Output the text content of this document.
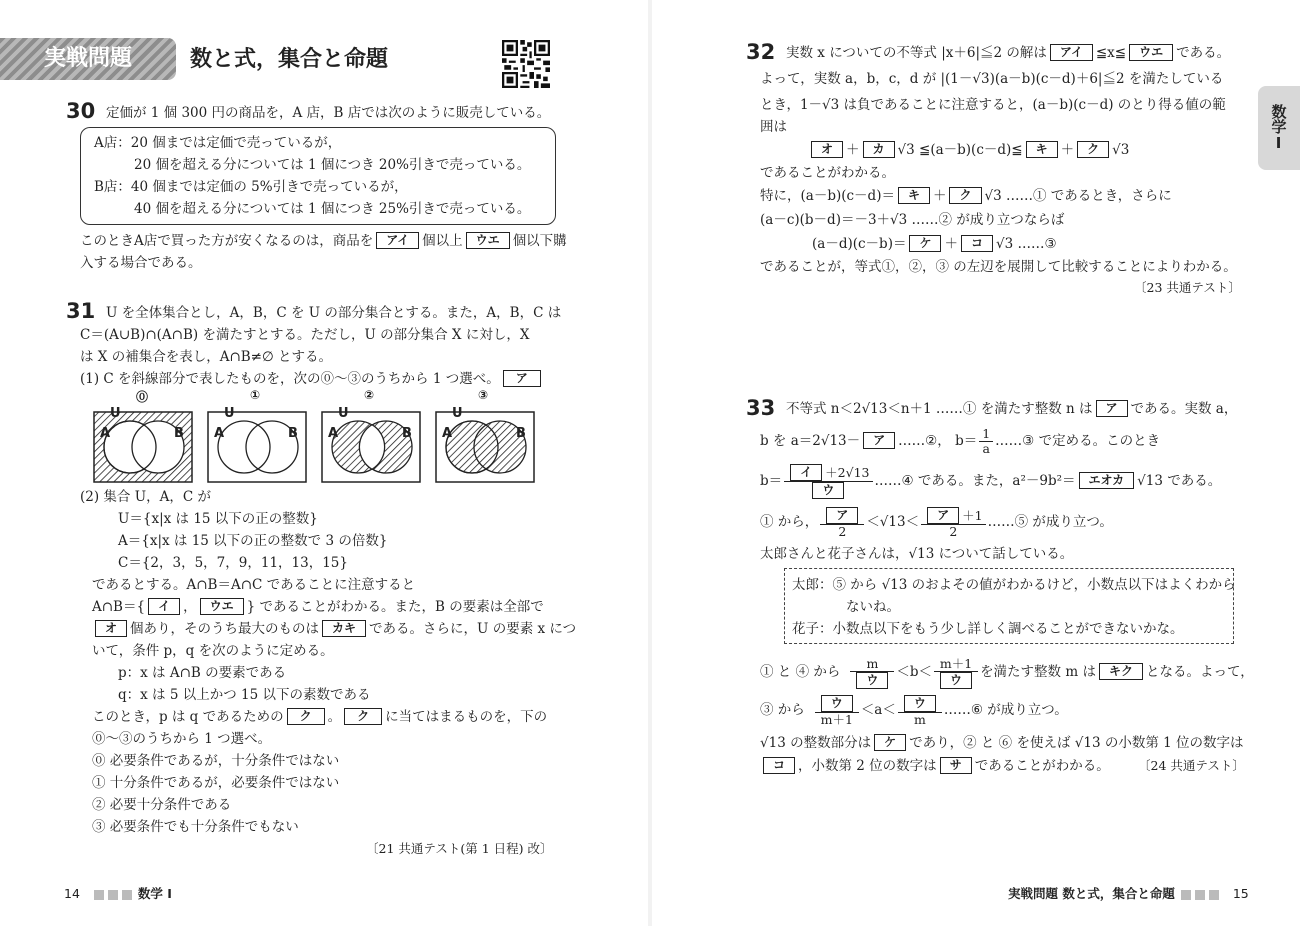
実戦問題	数と式，集合と命題
30 定価が 1 個 300 円の商品を，A 店，B 店では次のように販売している。
A店：20 個までは定価で売っているが，
20 個を超える分については 1 個につき 20%引きで売っている。
B店：40 個までは定価の 5%引きで売っているが，
40 個を超える分については 1 個につき 25%引きで売っている。
このときA店で買った方が安くなるのは，商品を アイ 個以上 ウエ 個以下購
入する場合である。
31 U を全体集合とし，A，B，C を U の部分集合とする。また，A，B，C は
C＝(A∪B)∩(A∩B) を満たすとする。ただし，U の部分集合 X に対し，X
は X の補集合を表し，A∩B≠∅ とする。
(1) C を斜線部分で表したものを，次の⓪～③のうちから 1 つ選べ。 ア
⓪	①	②	③
U	U	U	U
A	B A	B A	B A	B
(2) 集合 U，A，C が
U＝{x|x は 15 以下の正の整数}
A＝{x|x は 15 以下の正の整数で 3 の倍数}
C＝{2，3，5，7，9，11，13，15}
であるとする。A∩B＝A∩C であることに注意すると
A∩B＝{ イ ， ウエ } であることがわかる。また，B の要素は全部で
オ 個あり，そのうち最大のものは カキ である。さらに，U の要素 x につ
いて，条件 p，q を次のように定める。
p：x は A∩B の要素である
q：x は 5 以上かつ 15 以下の素数である
このとき，p は q であるための ク 。 ク に当てはまるものを，下の
⓪～③のうちから 1 つ選べ。
⓪ 必要条件であるが，十分条件ではない
① 十分条件であるが，必要条件ではない
② 必要十分条件である
③ 必要条件でも十分条件でもない
〔21 共通テスト(第 1 日程) 改〕
14	数学 I
32 実数 x についての不等式 |x＋6|≦2 の解は アイ ≦x≦ ウエ である。
よって，実数 a，b，c，d が |(1－√3)(a－b)(c－d)＋6|≦2 を満たしている
とき，1－√3 は負であることに注意すると，(a－b)(c－d) のとり得る値の範
囲は
オ ＋ カ √3 ≦(a－b)(c－d)≦ キ ＋ ク √3
であることがわかる。
特に，(a－b)(c－d)＝ キ ＋ ク √3 ……① であるとき，さらに
(a－c)(b－d)＝－3＋√3 ……② が成り立つならば
(a－d)(c－b)＝ ケ ＋ コ √3 ……③
であることが，等式①，②，③ の左辺を展開して比較することによりわかる。
〔23 共通テスト〕
33 不等式 n＜2√13＜n＋1 ……① を満たす整数 n は ア である。実数 a，
b を a＝2√13－ ア ……②， $b= \frac{1}{a}$ ……③ で定める。このとき
$b= \frac{\text{イ ＋2√13}}{\text{ウ}}$ ……④ である。また，a²－9b²＝ エオカ √13 である。
① から， $\frac{\text{ア}}{2} <√13< \frac{\text{ア ＋1}}{2}$ ……⑤ が成り立つ。
太郎さんと花子さんは，√13 について話している。
太郎：⑤ から √13 のおよその値がわかるけど，小数点以下はよくわから
ないね。
花子：小数点以下をもう少し詳しく調べることができないかな。
① と ④ から $\frac{m}{\text{ウ}} <b< \frac{m+1}{\text{ウ}}$ を満たす整数 m は キク となる。よって，
③ から $\frac{\text{ウ}}{m+1} <a< \frac{\text{ウ}}{m}$ ……⑥ が成り立つ。
√13 の整数部分は ケ であり，② と ⑥ を使えば √13 の小数第 1 位の数字は
コ ，小数第 2 位の数字は サ であることがわかる。 〔24 共通テスト〕
実戦問題 数と式，集合と命題	15
数学Ⅰ
